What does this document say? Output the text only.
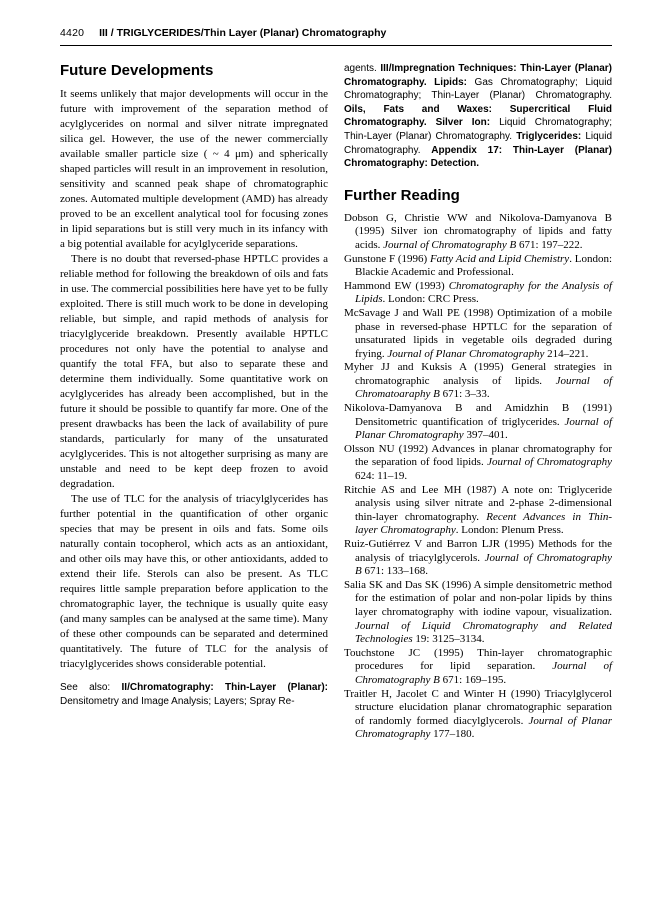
4420 III / TRIGLYCERIDES/Thin Layer (Planar) Chromatography
Future Developments

It seems unlikely that major developments will occur in the future with improvement of the separation method of acylglycerides on normal and silver nitrate impregnated silica gel. However, the use of the newer commercially available smaller particle size ( ~ 4 μm) and spherically shaped particles will result in an improvement in resolution, sensitivity and scanned peak shape of chromatographic zones. Automated multiple development (AMD) has already proved to be an excellent analytical tool for focusing zones in lipid separations but is still very much in its infancy with a big potential available for acylglyceride separations.

There is no doubt that reversed-phase HPTLC provides a reliable method for following the breakdown of oils and fats in use. The commercial possibilities here have yet to be fully exploited. There is still much work to be done in developing reliable, but simple, and rapid methods of analysis for triacylglyceride breakdown. Presently available HPTLC procedures not only have the potential to analyse and quantify the total FFA, but also to separate these and determine them individually. Some quantitative work on acylglycerides has already been accomplished, but in the future it should be possible to quantify far more. One of the present drawbacks has been the lack of availability of pure standards, particularly for many of the unsaturated acylglycerides. This is not altogether surprising as many are unstable and need to be kept deep frozen to avoid degradation.

The use of TLC for the analysis of triacylglycerides has further potential in the quantification of other organic species that may be present in oils and fats. Some oils naturally contain tocopherol, which acts as an antioxidant, and other oils may have this, or other antioxidants, added to extend their life. Sterols can also be present. As TLC requires little sample preparation before application to the chromatographic layer, the technique is usually quite easy (and many samples can be analysed at the same time). Many of these other compounds can be separated and determined quantitatively. The future of TLC for the analysis of triacylglycerides shows considerable potential.

See also: II/Chromatography: Thin-Layer (Planar): Densitometry and Image Analysis; Layers; Spray Re-

agents. III/Impregnation Techniques: Thin-Layer (Planar) Chromatography. Lipids: Gas Chromatography; Liquid Chromatography; Thin-Layer (Planar) Chromatography. Oils, Fats and Waxes: Supercritical Fluid Chromatography. Silver Ion: Liquid Chromatography; Thin-Layer (Planar) Chromatography. Triglycerides: Liquid Chromatography. Appendix 17: Thin-Layer (Planar) Chromatography: Detection.

Further Reading
Dobson G, Christie WW and Nikolova-Damyanova B (1995) Silver ion chromatography of lipids and fatty acids. Journal of Chromatography B 671: 197–222.
Gunstone F (1996) Fatty Acid and Lipid Chemistry. London: Blackie Academic and Professional.
Hammond EW (1993) Chromatography for the Analysis of Lipids. London: CRC Press.
McSavage J and Wall PE (1998) Optimization of a mobile phase in reversed-phase HPTLC for the separation of unsaturated lipids in vegetable oils degraded during frying. Journal of Planar Chromatography 214–221.
Myher JJ and Kuksis A (1995) General strategies in chromatographic analysis of lipids. Journal of Chromatoaraphy B 671: 3–33.
Nikolova-Damyanova B and Amidzhin B (1991) Densitometric quantification of triglycerides. Journal of Planar Chromatography 397–401.
Olsson NU (1992) Advances in planar chromatography for the separation of food lipids. Journal of Chromatography 624: 11–19.
Ritchie AS and Lee MH (1987) A note on: Triglyceride analysis using silver nitrate and 2-phase 2-dimensional thin-layer chromatography. Recent Advances in Thin-layer Chromatography. London: Plenum Press.
Ruiz-Gutiérrez V and Barron LJR (1995) Methods for the analysis of triacylglycerols. Journal of Chromatography B 671: 133–168.
Salia SK and Das SK (1996) A simple densitometric method for the estimation of polar and non-polar lipids by thins layer chromatography with iodine vapour, visualization. Journal of Liquid Chromatography and Related Technologies 19: 3125–3134.
Touchstone JC (1995) Thin-layer chromatographic procedures for lipid separation. Journal of Chromatography B 671: 169–195.
Traitler H, Jacolet C and Winter H (1990) Triacylglycerol structure elucidation planar chromatographic separation of randomly formed diacylglycerols. Journal of Planar Chromatography 177–180.
